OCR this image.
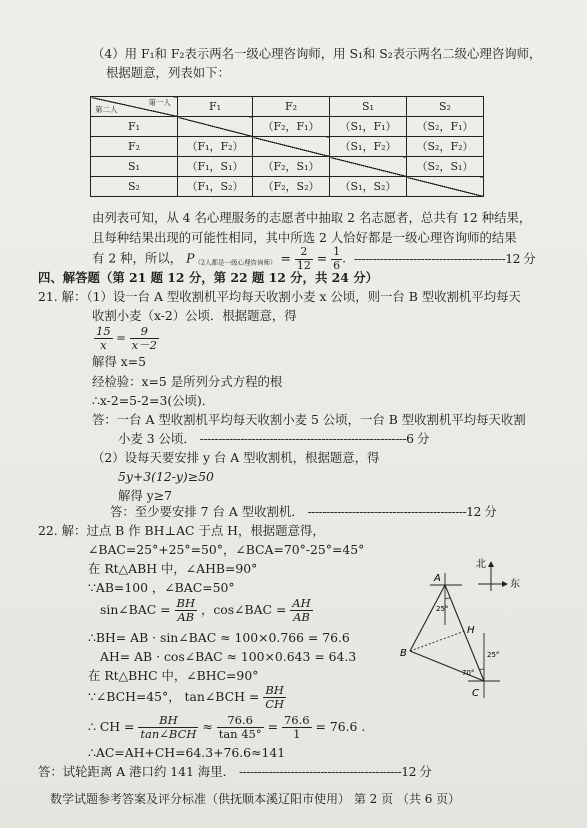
（4）用 F₁和 F₂表示两名一级心理咨询师，用 S₁和 S₂表示两名二级心理咨询师，
根据题意，列表如下：
第一人
第二人	F₁	F₂	S₁	S₂
F₁		（F₂，F₁）	（S₁，F₁）	（S₂，F₁）
F₂	（F₁，F₂）		（S₁，F₂）	（S₂，F₂）
S₁	（F₁，S₁）	（F₂，S₁）		（S₂，S₁）
S₂	（F₁，S₂）	（F₂，S₂）	（S₁，S₂）	
由列表可知，从 4 名心理服务的志愿者中抽取 2 名志愿者，总共有 12 种结果，
且每种结果出现的可能性相同，其中所选 2 人恰好都是一级心理咨询师的结果
有 2 种，所以， $P_{(2人都是一级心理咨询师)} = \frac{2}{12} = \frac{1}{6}$ . -----------------------------------------12 分
四、解答题（第 21 题 12 分，第 22 题 12 分，共 24 分）
21. 解：（1）设一台 A 型收割机平均每天收割小麦 x 公顷，则一台 B 型收割机平均每天
收割小麦（x-2）公顷．根据题意，得
$\frac{15}{x} = \frac{9}{x-2}$
解得 x=5
经检验：x=5 是所列分式方程的根
∴x-2=5-2=3(公顷)．
答：一台 A 型收割机平均每天收割小麦 5 公顷，一台 B 型收割机平均每天收割
小麦 3 公顷． --------------------------------------------------------6 分
（2）设每天要安排 y 台 A 型收割机，根据题意，得
5y+3(12-y)≥50
解得 y≥7
答：至少要安排 7 台 A 型收割机． -------------------------------------------12 分
22. 解：过点 B 作 BH⊥AC 于点 H，根据题意得，
∠BAC=25°+25°=50°，∠BCA=70°-25°=45°
在 Rt△ABH 中，∠AHB=90°
∵AB=100 ，∠BAC=50°
sin∠BAC = $\frac{BH}{AB}$ ，cos∠BAC = $\frac{AH}{AB}$
∴BH= AB · sin∠BAC ≈ 100×0.766 = 76.6
AH= AB · cos∠BAC ≈ 100×0.643 = 64.3
在 Rt△BHC 中，∠BHC=90°
∵∠BCH=45°， tan∠BCH = $\frac{BH}{CH}$
∴ CH = $\frac{BH}{\text{tan∠BCH}} \approx \frac{76.6}{\tan 45^\circ} = \frac{76.6}{1} = 76.6$ .
∴AC=AH+CH=64.3+76.6≈141
答：试轮距离 A 港口约 141 海里． --------------------------------------------12 分
数学试题参考答案及评分标准（供抚顺本溪辽阳市使用） 第 2 页 （共 6 页）
北
东
A
B
C
H
25°
25°
70°
